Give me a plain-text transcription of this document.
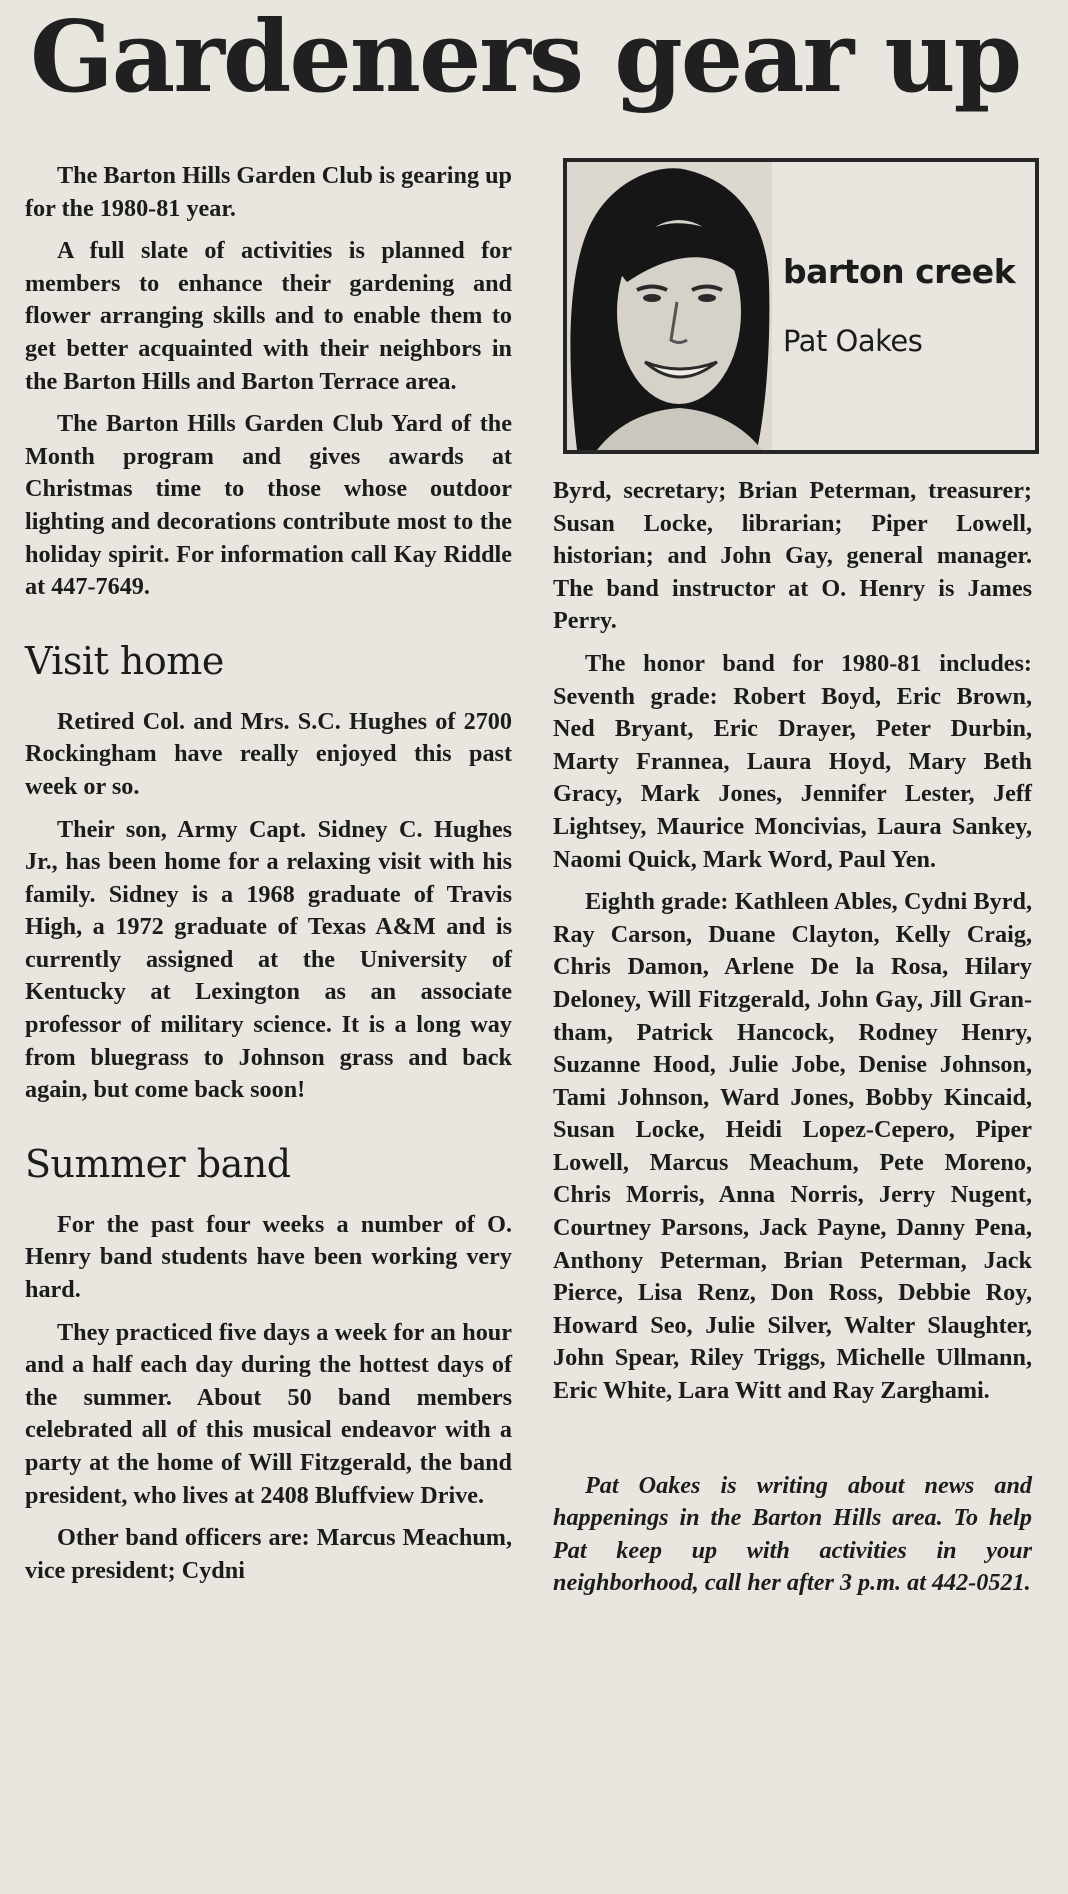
Gardeners gear up

The Barton Hills Garden Club is gearing up for the 1980-81 year.

A full slate of activities is planned for members to enhance their gardening and flower arranging skills and to enable them to get better acquainted with their neighbors in the Barton Hills and Barton Terrace area.

The Barton Hills Garden Club Yard of the Month program and gives awards at Christmas time to those whose outdoor lighting and decorations contribute most to the holiday spirit. For information call Kay Riddle at 447-7649.

Visit home

Retired Col. and Mrs. S.C. Hughes of 2700 Rockingham have really enjoyed this past week or so.

Their son, Army Capt. Sidney C. Hughes Jr., has been home for a relaxing visit with his family. Sidney is a 1968 graduate of Travis High, a 1972 graduate of Texas A&M and is currently assigned at the University of Kentucky at Lexington as an associate professor of military science. It is a long way from bluegrass to Johnson grass and back again, but come back soon!

Summer band

For the past four weeks a number of O. Henry band students have been working very hard.

They practiced five days a week for an hour and a half each day during the hottest days of the summer. About 50 band members celebrated all of this musical endeavor with a party at the home of Will Fitzgerald, the band president, who lives at 2408 Bluffview Drive.

Other band officers are: Marcus Meachum, vice president; Cydni

barton creek
Pat Oakes

Byrd, secretary; Brian Peterman, treasurer; Susan Locke, librarian; Piper Lowell, historian; and John Gay, general manager. The band instructor at O. Henry is James Perry.

The honor band for 1980-81 includes: Seventh grade: Robert Boyd, Eric Brown, Ned Bryant, Eric Drayer, Peter Durbin, Marty Frannea, Laura Hoyd, Mary Beth Gracy, Mark Jones, Jennifer Lester, Jeff Lightsey, Maurice Moncivias, Laura Sankey, Naomi Quick, Mark Word, Paul Yen.

Eighth grade: Kathleen Ables, Cydni Byrd, Ray Carson, Duane Clayton, Kelly Craig, Chris Damon, Arlene De la Rosa, Hilary Deloney, Will Fitzgerald, John Gay, Jill Grantham, Patrick Hancock, Rodney Henry, Suzanne Hood, Julie Jobe, Denise Johnson, Tami Johnson, Ward Jones, Bobby Kincaid, Susan Locke, Heidi Lopez-Cepero, Piper Lowell, Marcus Meachum, Pete Moreno, Chris Morris, Anna Norris, Jerry Nugent, Courtney Parsons, Jack Payne, Danny Pena, Anthony Peterman, Brian Peterman, Jack Pierce, Lisa Renz, Don Ross, Debbie Roy, Howard Seo, Julie Silver, Walter Slaughter, John Spear, Riley Triggs, Michelle Ullmann, Eric White, Lara Witt and Ray Zarghami.

Pat Oakes is writing about news and happenings in the Barton Hills area. To help Pat keep up with activities in your neighborhood, call her after 3 p.m. at 442-0521.
